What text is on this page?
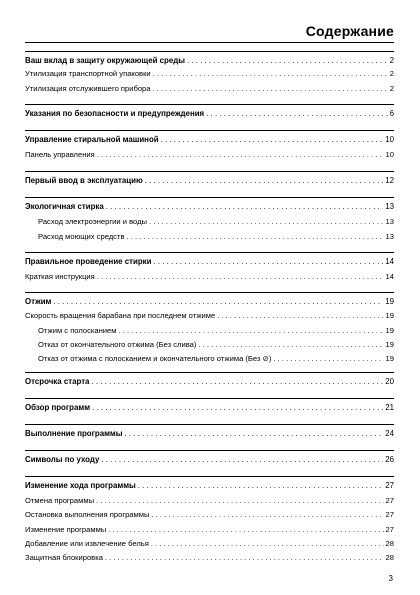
Содержание
Ваш вклад в защиту окружающей среды . . .	2
Утилизация транспортной упаковки . . .	2
Утилизация отслужившего прибора . . .	2
Указания по безопасности и предупреждения . . .	6
Управление стиральной машиной . . .	10
Панель управления . . .	10
Первый ввод в эксплуатацию . . .	12
Экологичная стирка . . .	13
Расход электроэнергии и воды . . .	13
Расход моющих средств . . .	13
Правильное проведение стирки . . .	14
Краткая инструкция . . .	14
Отжим . . .	19
Скорость вращения барабана при последнем отжиме . . .	19
Отжим с полосканием . . .	19
Отказ от окончательного отжима (Без слива) . . .	19
Отказ от отжима с полосканием и окончательного отжима (Без ⊘) . . .	19
Отсрочка старта . . .	20
Обзор программ . . .	21
Выполнение программы . . .	24
Символы по уходу . . .	26
Изменение хода программы . . .	27
Отмена программы . . .	27
Остановка выполнения программы . . .	27
Изменение программы . . .	27
Добавление или извлечение белья . . .	28
Защитная блокировка . . .	28
3
